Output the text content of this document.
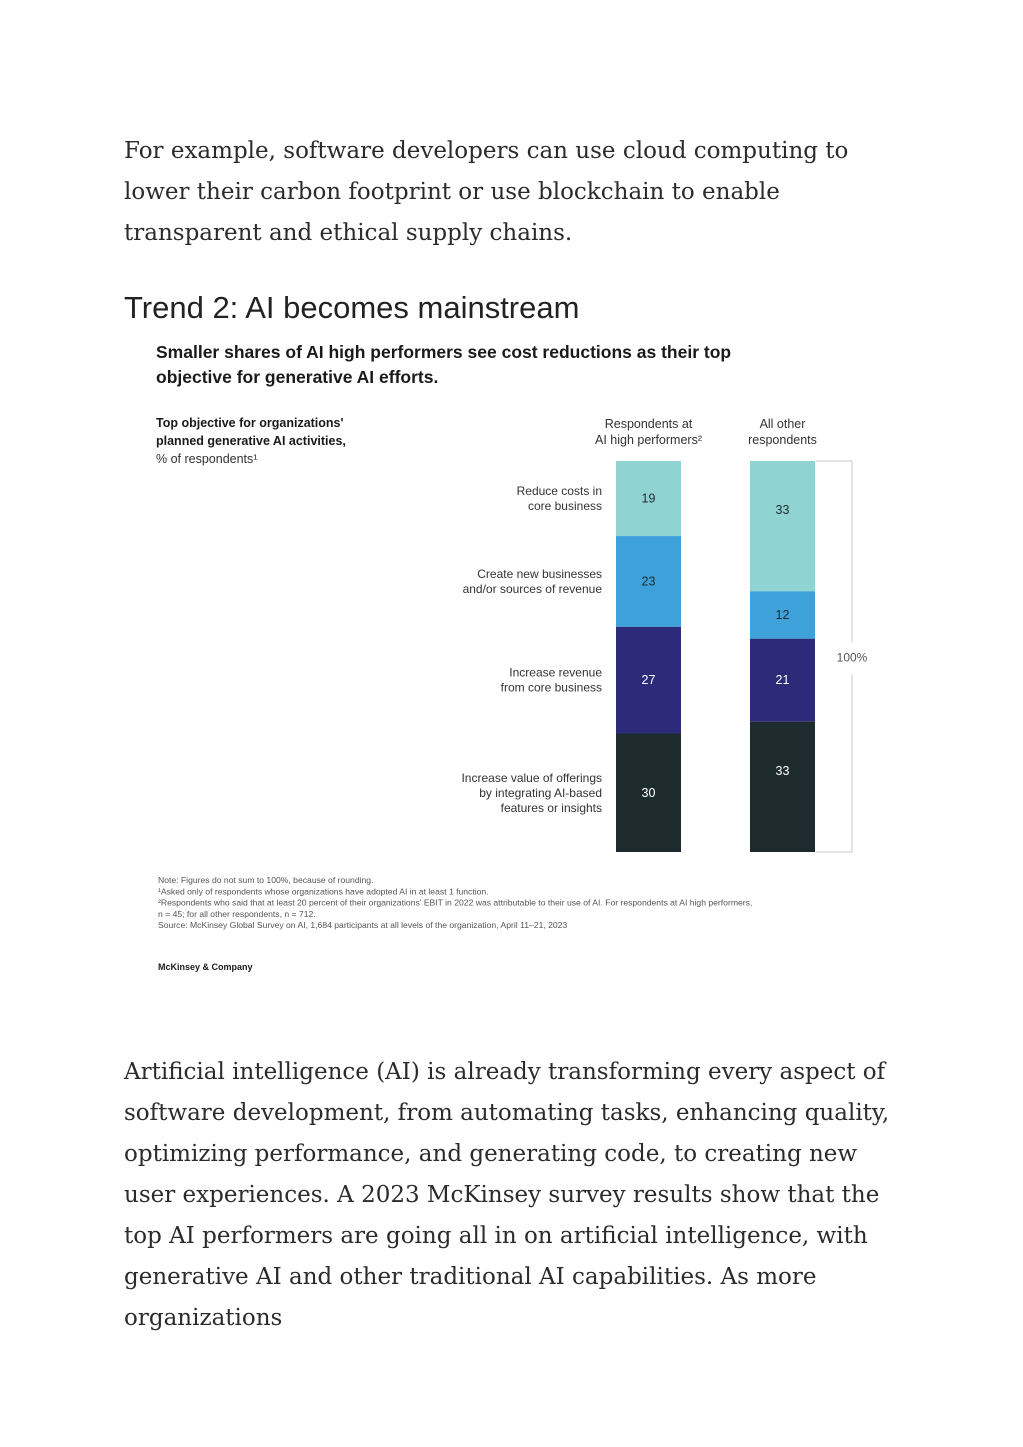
For example, software developers can use cloud computing to lower their carbon footprint or use blockchain to enable transparent and ethical supply chains.

Trend 2: AI becomes mainstream
Smaller shares of AI high performers see cost reductions as their top
objective for generative AI efforts.
Top objective for organizations'
planned generative AI activities,
% of respondents¹
Respondents at
AI high performers²
All other
respondents
Reduce costs in
core business
Create new businesses
and/or sources of revenue
Increase revenue
from core business
Increase value of offerings
by integrating AI-based
features or insights
19
23
27
30
33
12
21
33
100%
Note: Figures do not sum to 100%, because of rounding.
¹Asked only of respondents whose organizations have adopted AI in at least 1 function.
²Respondents who said that at least 20 percent of their organizations' EBIT in 2022 was attributable to their use of AI. For respondents at AI high performers,
n = 45; for all other respondents, n = 712.
Source: McKinsey Global Survey on AI, 1,684 participants at all levels of the organization, April 11–21, 2023
McKinsey & Company

Artificial intelligence (AI) is already transforming every aspect of software development, from automating tasks, enhancing quality, optimizing performance, and generating code, to creating new user experiences. A 2023 McKinsey survey results show that the top AI performers are going all in on artificial intelligence, with generative AI and other traditional AI capabilities. As more organizations
